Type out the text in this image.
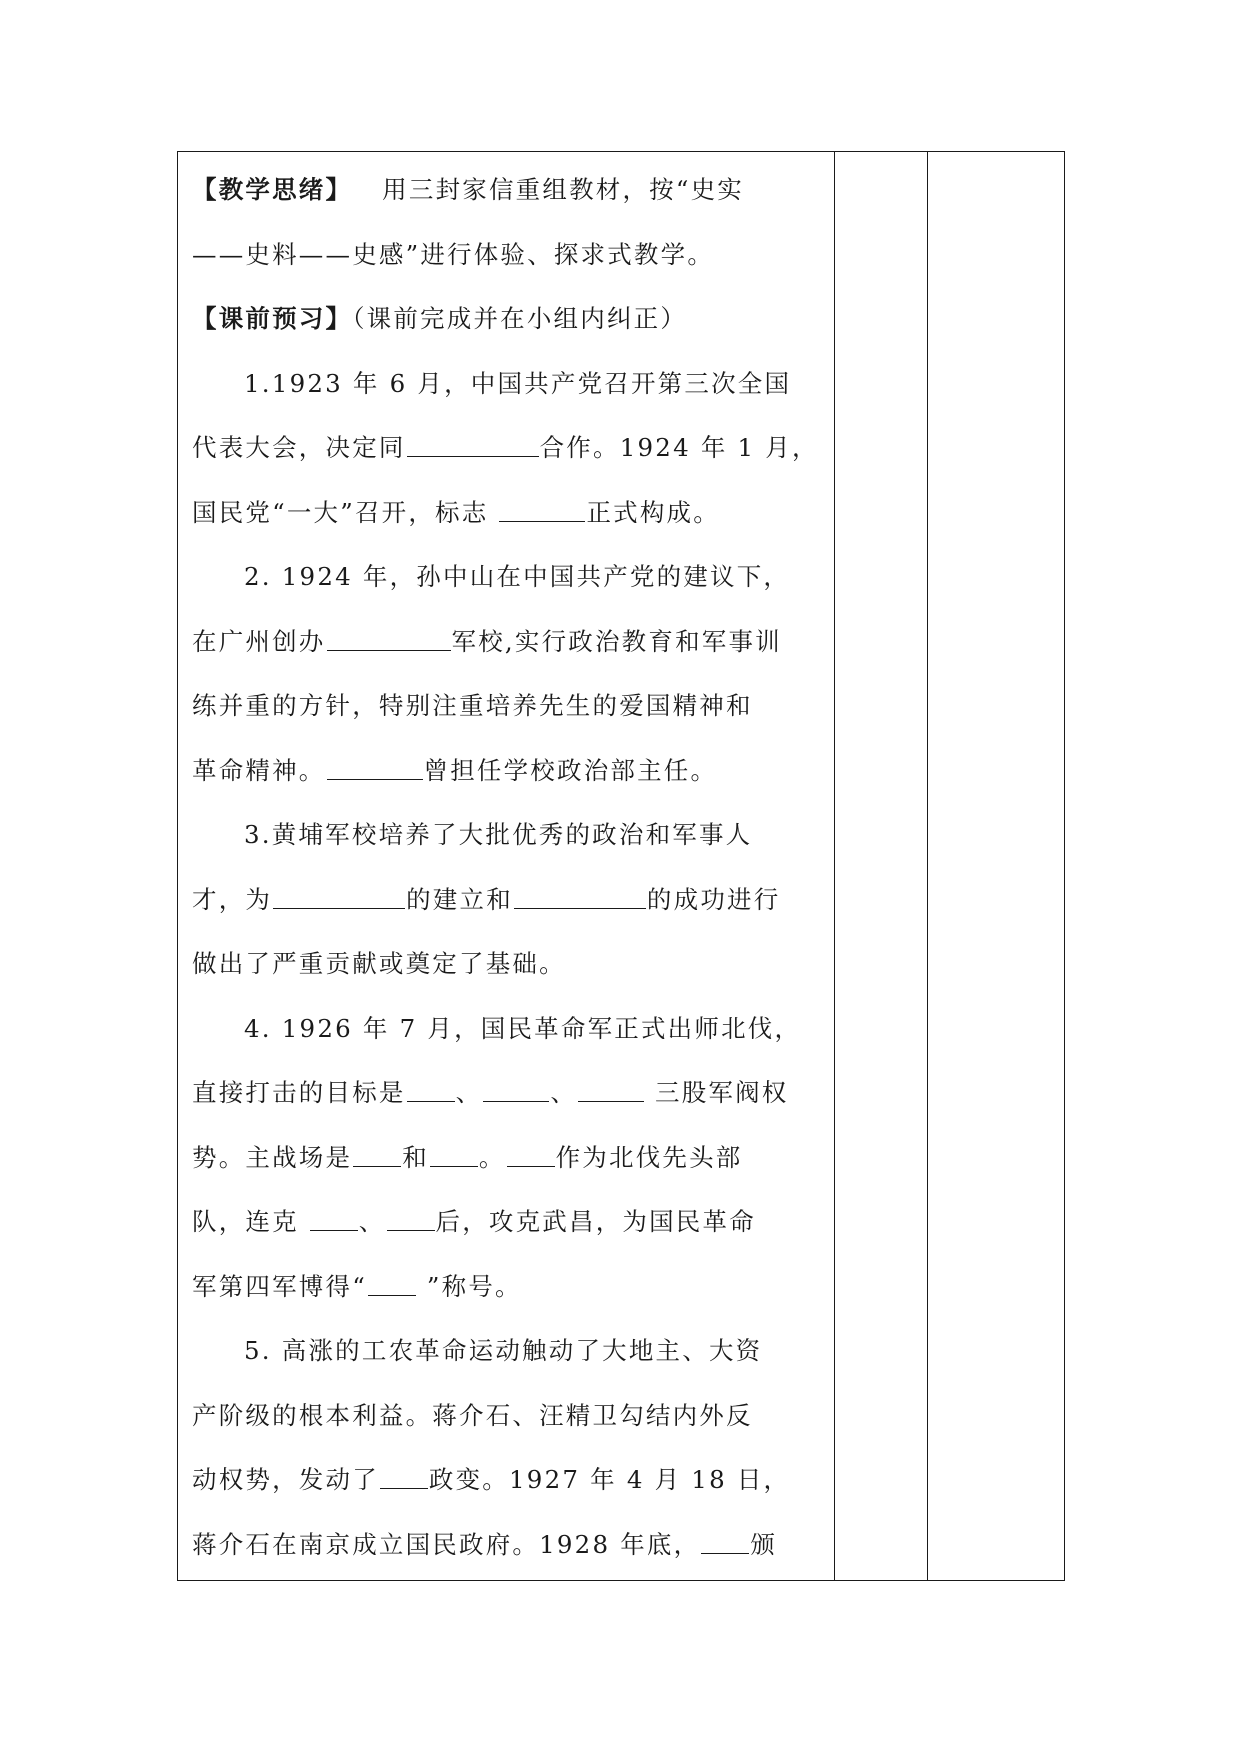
【教学思绪】 用三封家信重组教材，按“史实
——史料——史感”进行体验、探求式教学。
【课前预习】（课前完成并在小组内纠正）
1.1923 年 6 月，中国共产党召开第三次全国
代表大会，决定同	合作。1924 年 1 月，
国民党“一大”召开，标志	正式构成。
2. 1924 年，孙中山在中国共产党的建议下，
在广州创办	军校,实行政治教育和军事训
练并重的方针，特别注重培养先生的爱国精神和
革命精神。	曾担任学校政治部主任。
3.黄埔军校培养了大批优秀的政治和军事人
才，为	的建立和	的成功进行
做出了严重贡献或奠定了基础。
4. 1926 年 7 月，国民革命军正式出师北伐，
直接打击的目标是 、	、	三股军阀权
势。主战场是 和 。 作为北伐先头部
队，连克 、 后，攻克武昌，为国民革命
军第四军博得“ ”称号。
5. 高涨的工农革命运动触动了大地主、大资
产阶级的根本利益。蒋介石、汪精卫勾结内外反
动权势，发动了 政变。1927 年 4 月 18 日，
蒋介石在南京成立国民政府。1928 年底， 颁
